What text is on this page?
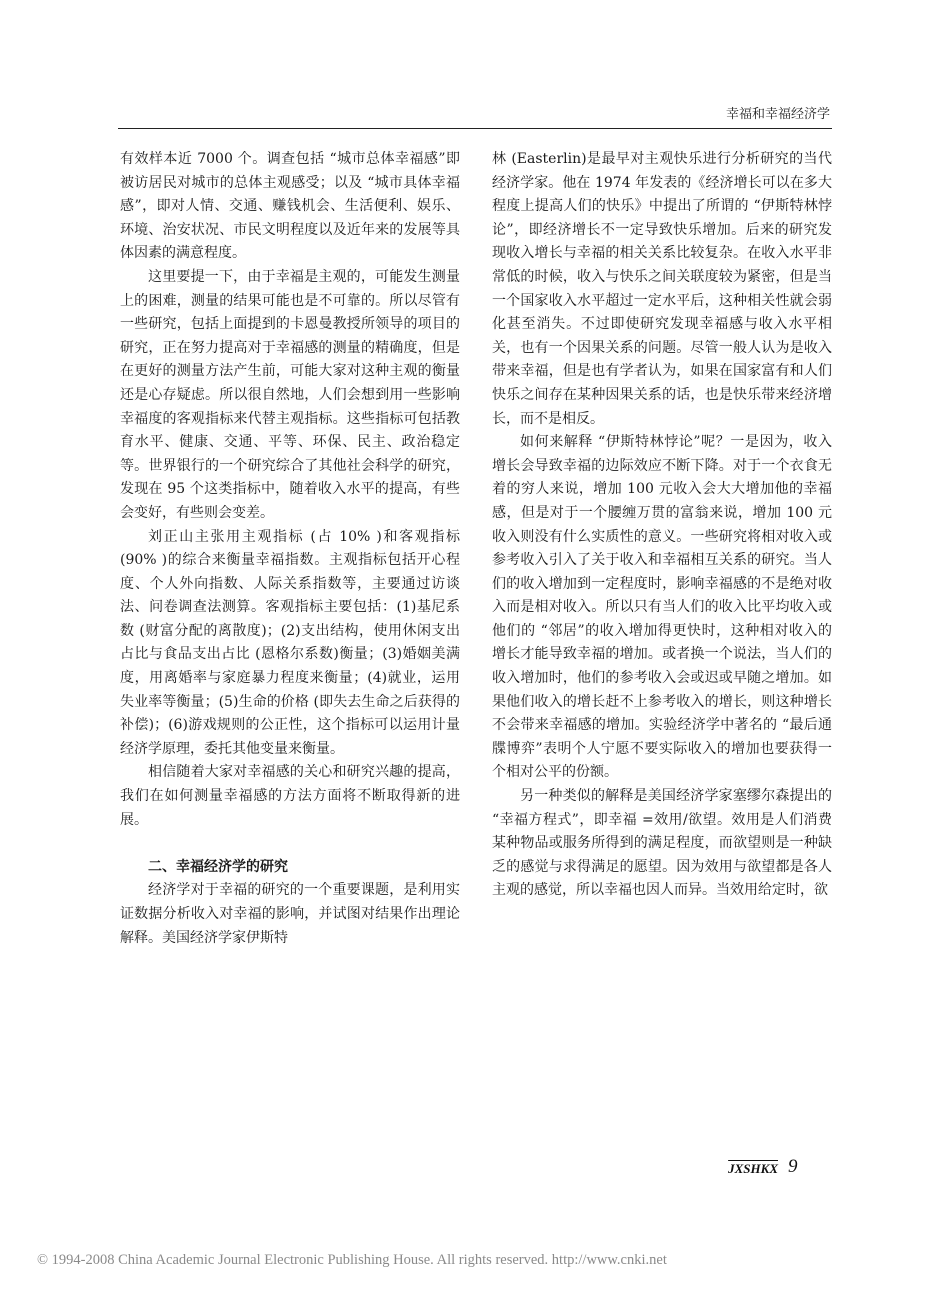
幸福和幸福经济学

有效样本近 7000 个。调查包括 “城市总体幸福感”即被访居民对城市的总体主观感受；以及 “城市具体幸福感”，即对人情、交通、赚钱机会、生活便利、娱乐、环境、治安状况、市民文明程度以及近年来的发展等具体因素的满意程度。

这里要提一下，由于幸福是主观的，可能发生测量上的困难，测量的结果可能也是不可靠的。所以尽管有一些研究，包括上面提到的卡恩曼教授所领导的项目的研究，正在努力提高对于幸福感的测量的精确度，但是在更好的测量方法产生前，可能大家对这种主观的衡量还是心存疑虑。所以很自然地，人们会想到用一些影响幸福度的客观指标来代替主观指标。这些指标可包括教育水平、健康、交通、平等、环保、民主、政治稳定等。世界银行的一个研究综合了其他社会科学的研究，发现在 95 个这类指标中，随着收入水平的提高，有些会变好，有些则会变差。

刘正山主张用主观指标 (占 10% )和客观指标 (90% )的综合来衡量幸福指数。主观指标包括开心程度、个人外向指数、人际关系指数等，主要通过访谈法、问卷调查法测算。客观指标主要包括：(1)基尼系数 (财富分配的离散度)；(2)支出结构，使用休闲支出占比与食品支出占比 (恩格尔系数)衡量；(3)婚姻美满度，用离婚率与家庭暴力程度来衡量；(4)就业，运用失业率等衡量；(5)生命的价格 (即失去生命之后获得的补偿)；(6)游戏规则的公正性，这个指标可以运用计量经济学原理，委托其他变量来衡量。

相信随着大家对幸福感的关心和研究兴趣的提高，我们在如何测量幸福感的方法方面将不断取得新的进展。

二、幸福经济学的研究

经济学对于幸福的研究的一个重要课题，是利用实证数据分析收入对幸福的影响，并试图对结果作出理论解释。美国经济学家伊斯特

林 (Easterlin)是最早对主观快乐进行分析研究的当代经济学家。他在 1974 年发表的《经济增长可以在多大程度上提高人们的快乐》中提出了所谓的 “伊斯特林悖论”，即经济增长不一定导致快乐增加。后来的研究发现收入增长与幸福的相关关系比较复杂。在收入水平非常低的时候，收入与快乐之间关联度较为紧密，但是当一个国家收入水平超过一定水平后，这种相关性就会弱化甚至消失。不过即使研究发现幸福感与收入水平相关，也有一个因果关系的问题。尽管一般人认为是收入带来幸福，但是也有学者认为，如果在国家富有和人们快乐之间存在某种因果关系的话，也是快乐带来经济增长，而不是相反。

如何来解释 “伊斯特林悖论”呢？一是因为，收入增长会导致幸福的边际效应不断下降。对于一个衣食无着的穷人来说，增加 100 元收入会大大增加他的幸福感，但是对于一个腰缠万贯的富翁来说，增加 100 元收入则没有什么实质性的意义。一些研究将相对收入或参考收入引入了关于收入和幸福相互关系的研究。当人们的收入增加到一定程度时，影响幸福感的不是绝对收入而是相对收入。所以只有当人们的收入比平均收入或他们的 “邻居”的收入增加得更快时，这种相对收入的增长才能导致幸福的增加。或者换一个说法，当人们的收入增加时，他们的参考收入会或迟或早随之增加。如果他们收入的增长赶不上参考收入的增长，则这种增长不会带来幸福感的增加。实验经济学中著名的 “最后通牒博弈”表明个人宁愿不要实际收入的增加也要获得一个相对公平的份额。

另一种类似的解释是美国经济学家塞缪尔森提出的 “幸福方程式”，即幸福 =效用/欲望。效用是人们消费某种物品或服务所得到的满足程度，而欲望则是一种缺乏的感觉与求得满足的愿望。因为效用与欲望都是各人主观的感觉，所以幸福也因人而异。当效用给定时，欲

JXSHKX 9
© 1994-2008 China Academic Journal Electronic Publishing House. All rights reserved. http://www.cnki.net
